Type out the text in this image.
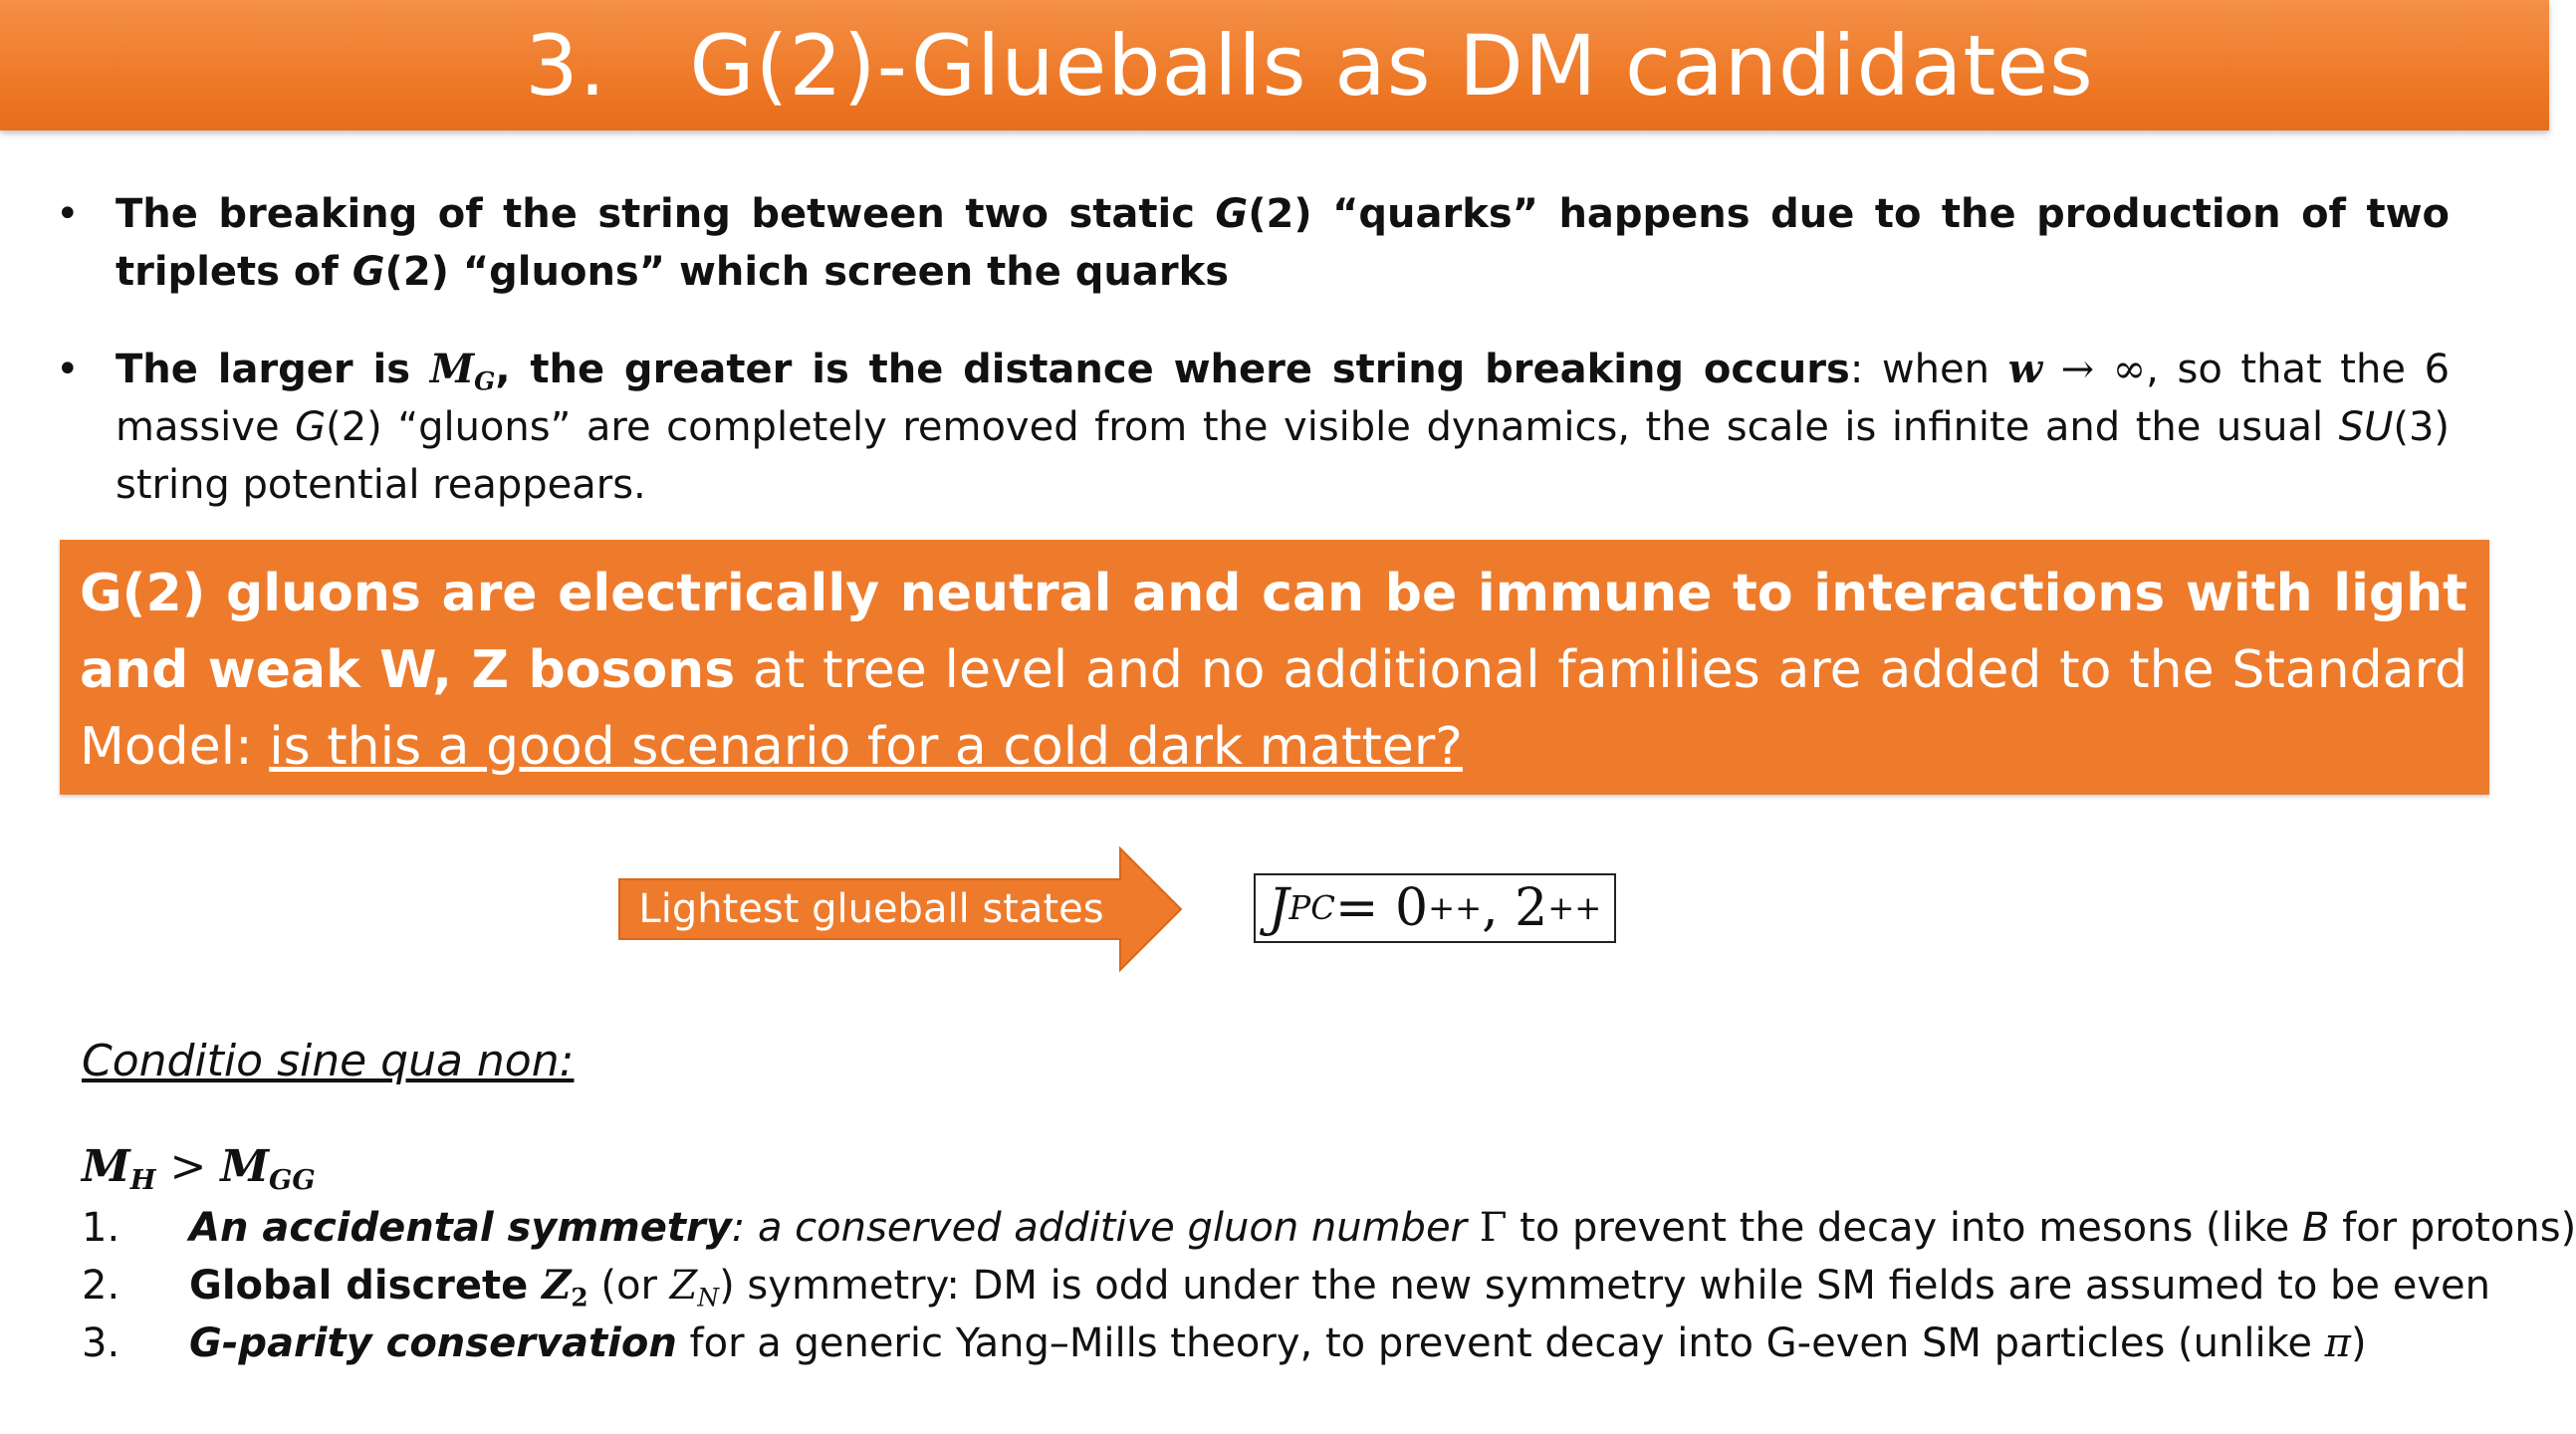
3. G(2)-Glueballs as DM candidates
• The breaking of the string between two static G(2) “quarks” happens due to the production of two triplets of G(2) “gluons” which screen the quarks
• The larger is $M_G$, the greater is the distance where string breaking occurs: when w → ∞, so that the 6 massive G(2) “gluons” are completely removed from the visible dynamics, the scale is infinite and the usual SU(3) string potential reappears.
G(2) gluons are electrically neutral and can be immune to interactions with light and weak W, Z bosons at tree level and no additional families are added to the Standard Model: is this a good scenario for a cold dark matter?
Lightest glueball states	J PC = 0 ++ , 2 ++
Conditio sine qua non:
$M_H > M_{GG}$
1.	An accidental symmetry: a conserved additive gluon number Γ to prevent the decay into mesons (like B for protons)
2.	Global discrete $Z_2$ (or $Z_N$) symmetry: DM is odd under the new symmetry while SM fields are assumed to be even
3.	G-parity conservation for a generic Yang–Mills theory, to prevent decay into G-even SM particles (unlike π)
